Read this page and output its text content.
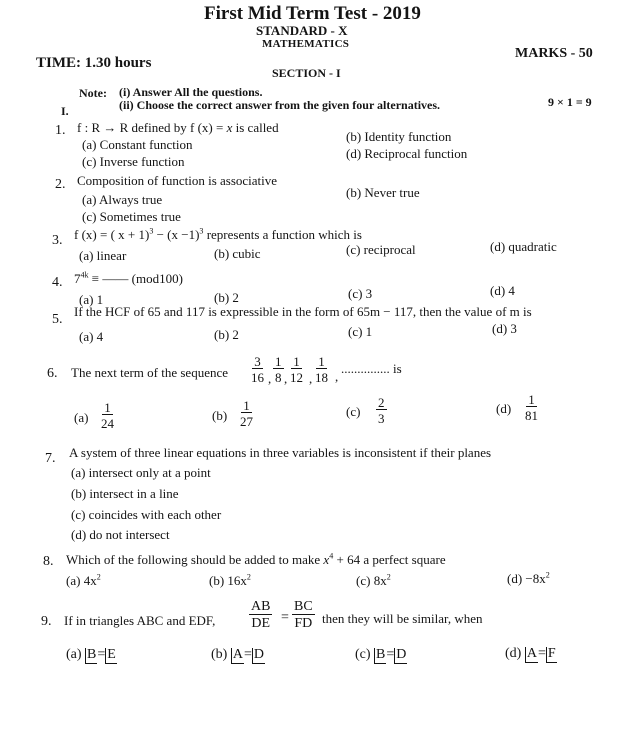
First Mid Term Test - 2019
STANDARD - X
MATHEMATICS
TIME: 1.30 hours
MARKS - 50
SECTION - I
Note: (i) Answer All the questions.
I.	(ii) Choose the correct answer from the given four alternatives.	9 × 1 = 9
1. f : R → R defined by f (x) = x is called
(a) Constant function
(b) Identity function
(c) Inverse function
(d) Reciprocal function
2. Composition of function is associative
(a) Always true	(b) Never true
(c) Sometimes true
3. f (x) = ( $x + 1)^3 - (x -1)^3$ represents a function which is
(a) linear	(b) cubic	(c) reciprocal	(d) quadratic
4. $7^{4k}$ ≡ —— (mod100)
(a) 1	(b) 2	(c) 3	(d) 4
5.
If the HCF of 65 and 117 is expressible in the form of 65m − 117, then the value of m is
(a) 4	(b) 2	(c) 1	(d) 3
6. The next term of the sequence $\frac{3}{16}$ , $\frac{1}{8}$ , $\frac{1}{12}$ , $\frac{1}{18}$ ,
............... is
$(a) \frac{1}{24}$	$(b) \frac{1}{27}$	$(c) \frac{2}{3}$	$(d) \frac{1}{81}$
7. A system of three linear equations in three variables is inconsistent if their planes
(a) intersect only at a point
(b) intersect in a line
(c) coincides with each other
(d) do not intersect
8. Which of the following should be added to make $x^4 + 64$ a perfect square
(a) $4x^2$	(b) $16x^2$	(c) $8x^2$	$(d) -8x^2$
9. If in triangles ABC and EDF, $\frac{AB}{DE} = \frac{BC}{FD}$ then they will be similar, when
(a) B= E	(b) A= D	(c) B= D	(d) A= F
